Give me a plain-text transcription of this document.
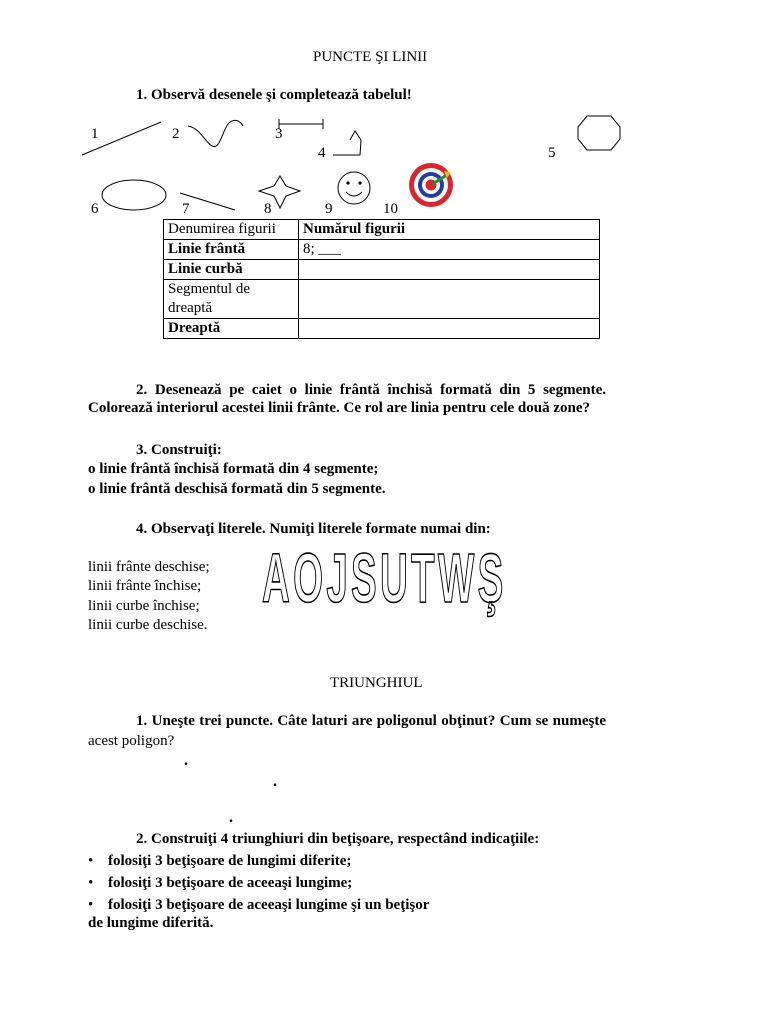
PUNCTE ŞI LINII
1. Observă desenele şi completează tabelul!
1	2	3
4	5
6	7	8	9	10
Denumirea figurii	Numărul figurii
Linie frântă	8; ___
Linie curbă	
Segmentul de dreaptă	
Dreaptă	
2. Desenează pe caiet o linie frântă închisă formată din 5 segmente.
Colorează interiorul acestei linii frânte. Ce rol are linia pentru cele două zone?
3. Construiţi:
o linie frântă închisă formată din 4 segmente;
o linie frântă deschisă formată din 5 segmente.
4. Observaţi literele. Numiţi literele formate numai din:
linii frânte deschise;
linii frânte închise;
linii curbe închise;
linii curbe deschise.
AOJSUTWŞ
TRIUNGHIUL
1. Uneşte trei puncte. Câte laturi are poligonul obţinut? Cum se numeşte
acest poligon?
.
.
.
2. Construiţi 4 triunghiuri din beţişoare, respectând indicaţiile:
• folosiţi 3 beţişoare de lungimi diferite;
• folosiţi 3 beţişoare de aceeaşi lungime;
• folosiţi 3 beţişoare de aceeaşi lungime şi un beţişor
de lungime diferită.
